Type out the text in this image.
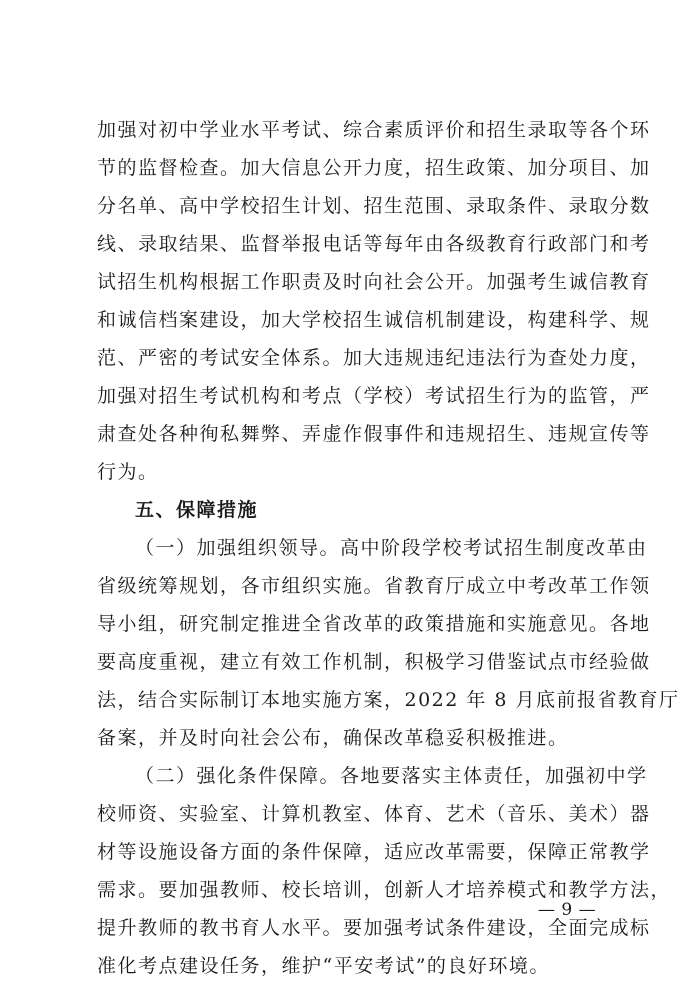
加强对初中学业水平考试、综合素质评价和招生录取等各个环
节的监督检查。加大信息公开力度，招生政策、加分项目、加
分名单、高中学校招生计划、招生范围、录取条件、录取分数
线、录取结果、监督举报电话等每年由各级教育行政部门和考
试招生机构根据工作职责及时向社会公开。加强考生诚信教育
和诚信档案建设，加大学校招生诚信机制建设，构建科学、规
范、严密的考试安全体系。加大违规违纪违法行为查处力度，
加强对招生考试机构和考点（学校）考试招生行为的监管，严
肃查处各种徇私舞弊、弄虚作假事件和违规招生、违规宣传等
行为。
五、保障措施
（一）加强组织领导。高中阶段学校考试招生制度改革由
省级统筹规划，各市组织实施。省教育厅成立中考改革工作领
导小组，研究制定推进全省改革的政策措施和实施意见。各地
要高度重视，建立有效工作机制，积极学习借鉴试点市经验做
法，结合实际制订本地实施方案，2022 年 8 月底前报省教育厅
备案，并及时向社会公布，确保改革稳妥积极推进。
（二）强化条件保障。各地要落实主体责任，加强初中学
校师资、实验室、计算机教室、体育、艺术（音乐、美术）器
材等设施设备方面的条件保障，适应改革需要，保障正常教学
需求。要加强教师、校长培训，创新人才培养模式和教学方法，
提升教师的教书育人水平。要加强考试条件建设，全面完成标
准化考点建设任务，维护“平安考试”的良好环境。
— 9 —
